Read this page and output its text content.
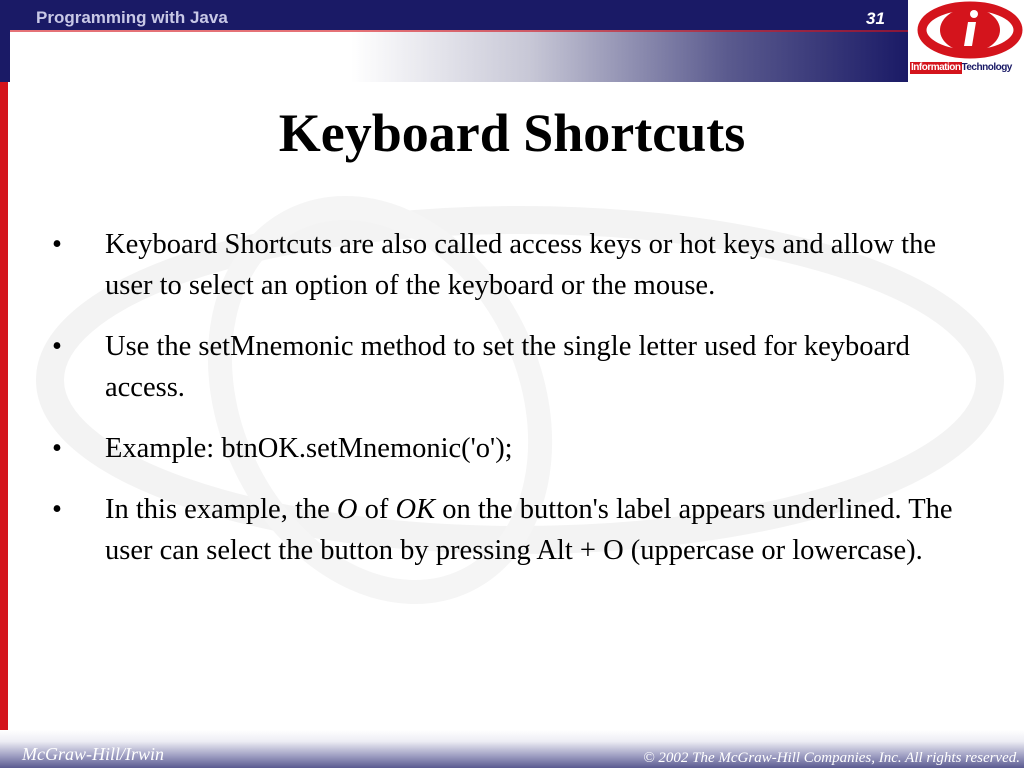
Programming with Java	31
InformationTechnology
Keyboard Shortcuts
• Keyboard Shortcuts are also called access keys or hot keys and allow the user to select an option of the keyboard or the mouse.
• Use the setMnemonic method to set the single letter used for keyboard access.
• Example: btnOK.setMnemonic('o');
• In this example, the O of OK on the button's label appears underlined. The user can select the button by pressing Alt + O (uppercase or lowercase).
McGraw-Hill/Irwin	© 2002 The McGraw-Hill Companies, Inc. All rights reserved.
